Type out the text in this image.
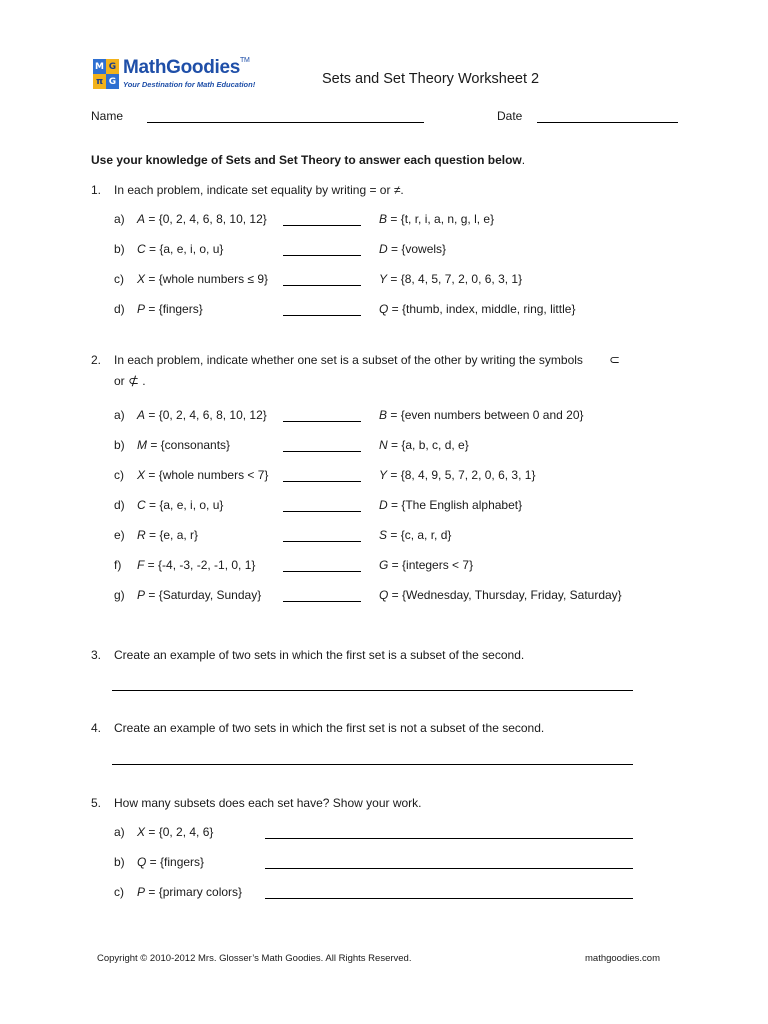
M G
π G
MathGoodies™
Your Destination for Math Education!	Sets and Set Theory Worksheet 2
Name	Date
Use your knowledge of Sets and Set Theory to answer each question below.
1. In each problem, indicate set equality by writing = or ≠.
a) A = {0, 2, 4, 6, 8, 10, 12}	B = {t, r, i, a, n, g, l, e}
b) C = {a, e, i, o, u}	D = {vowels}
c) X = {whole numbers ≤ 9}	Y = {8, 4, 5, 7, 2, 0, 6, 3, 1}
d) P = {fingers}	Q = {thumb, index, middle, ring, little}
2. In each problem, indicate whether one set is a subset of the other by writing the symbols ⊂
or ⊄ .
a) A = {0, 2, 4, 6, 8, 10, 12}	B = {even numbers between 0 and 20}
b) M = {consonants}	N = {a, b, c, d, e}
c) X = {whole numbers < 7}	Y = {8, 4, 9, 5, 7, 2, 0, 6, 3, 1}
d) C = {a, e, i, o, u}	D = {The English alphabet}
e) R = {e, a, r}	S = {c, a, r, d}
f) F = {-4, -3, -2, -1, 0, 1}	G = {integers < 7}
g) P = {Saturday, Sunday}	Q = {Wednesday, Thursday, Friday, Saturday}
3. Create an example of two sets in which the first set is a subset of the second.
4. Create an example of two sets in which the first set is not a subset of the second.
5. How many subsets does each set have? Show your work.
a) X = {0, 2, 4, 6}
b) Q = {fingers}
c) P = {primary colors}
Copyright © 2010-2012 Mrs. Glosser’s Math Goodies. All Rights Reserved.	mathgoodies.com
